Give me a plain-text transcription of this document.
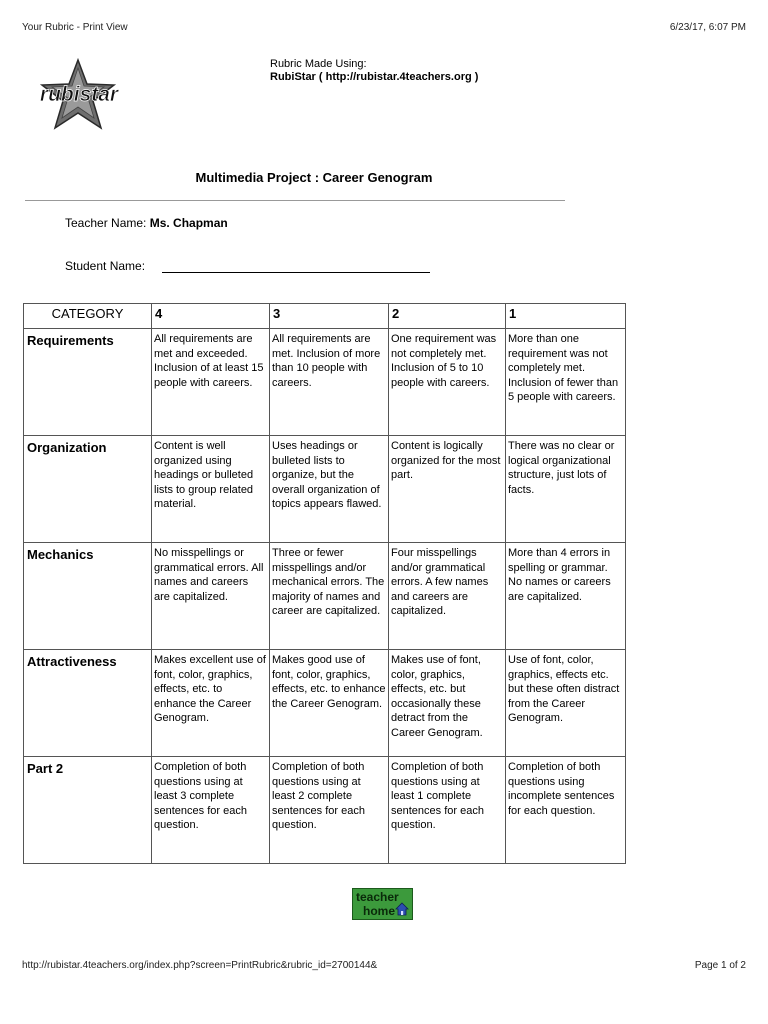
Your Rubric - Print View	6/23/17, 6:07 PM
rubistar
Rubric Made Using:
RubiStar ( http://rubistar.4teachers.org )
Multimedia Project : Career Genogram
Teacher Name: Ms. Chapman
Student Name:
CATEGORY	4	3	2	1
Requirements	All requirements are met and exceeded. Inclusion of at least 15 people with careers.	All requirements are met. Inclusion of more than 10 people with careers.	One requirement was not completely met. Inclusion of 5 to 10 people with careers.	More than one requirement was not completely met. Inclusion of fewer than 5 people with careers.
Organization	Content is well organized using headings or bulleted lists to group related material.	Uses headings or bulleted lists to organize, but the overall organization of topics appears flawed.	Content is logically organized for the most part.	There was no clear or logical organizational structure, just lots of facts.
Mechanics	No misspellings or grammatical errors. All names and careers are capitalized.	Three or fewer misspellings and/or mechanical errors. The majority of names and career are capitalized.	Four misspellings and/or grammatical errors. A few names and careers are capitalized.	More than 4 errors in spelling or grammar. No names or careers are capitalized.
Attractiveness	Makes excellent use of font, color, graphics, effects, etc. to enhance the Career Genogram.	Makes good use of font, color, graphics, effects, etc. to enhance the Career Genogram.	Makes use of font, color, graphics, effects, etc. but occasionally these detract from the Career Genogram.	Use of font, color, graphics, effects etc. but these often distract from the Career Genogram.
Part 2	Completion of both questions using at least 3 complete sentences for each question.	Completion of both questions using at least 2 complete sentences for each question.	Completion of both questions using at least 1 complete sentences for each question.	Completion of both questions using incomplete sentences for each question.
teacher
home
http://rubistar.4teachers.org/index.php?screen=PrintRubric&rubric_id=2700144&	Page 1 of 2
